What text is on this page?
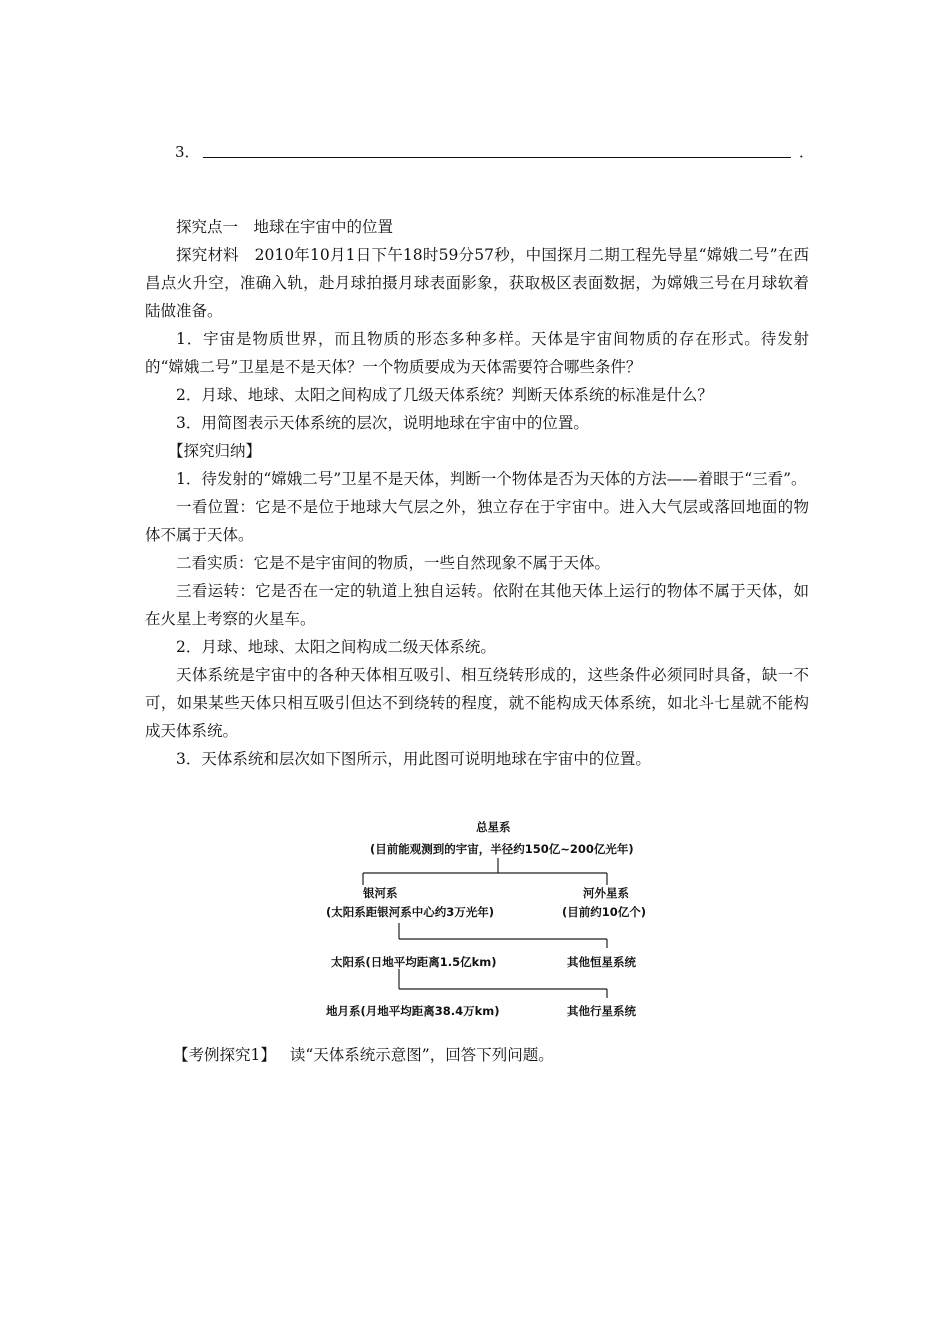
3．	．

探究点一　地球在宇宙中的位置

探究材料　2010年10月1日下午18时59分57秒，中国探月二期工程先导星“嫦娥二号”在西昌点火升空，准确入轨，赴月球拍摄月球表面影象，获取极区表面数据，为嫦娥三号在月球软着陆做准备。

1．宇宙是物质世界，而且物质的形态多种多样。天体是宇宙间物质的存在形式。待发射的“嫦娥二号”卫星是不是天体？一个物质要成为天体需要符合哪些条件？

2．月球、地球、太阳之间构成了几级天体系统？判断天体系统的标准是什么？

3．用简图表示天体系统的层次，说明地球在宇宙中的位置。

【探究归纳】

1．待发射的“嫦娥二号”卫星不是天体，判断一个物体是否为天体的方法——着眼于“三看”。

一看位置：它是不是位于地球大气层之外，独立存在于宇宙中。进入大气层或落回地面的物体不属于天体。

二看实质：它是不是宇宙间的物质，一些自然现象不属于天体。

三看运转：它是否在一定的轨道上独自运转。依附在其他天体上运行的物体不属于天体，如在火星上考察的火星车。

2．月球、地球、太阳之间构成二级天体系统。

天体系统是宇宙中的各种天体相互吸引、相互绕转形成的，这些条件必须同时具备，缺一不可，如果某些天体只相互吸引但达不到绕转的程度，就不能构成天体系统，如北斗七星就不能构成天体系统。

3．天体系统和层次如下图所示，用此图可说明地球在宇宙中的位置。

总星系
(目前能观测到的宇宙，半径约150亿~200亿光年)
银河系
(太阳系距银河系中心约3万光年)
河外星系
(目前约10亿个)
太阳系(日地平均距离1.5亿km)	其他恒星系统
地月系(月地平均距离38.4万km)	其他行星系统
【考例探究1】 读“天体系统示意图”，回答下列问题。
